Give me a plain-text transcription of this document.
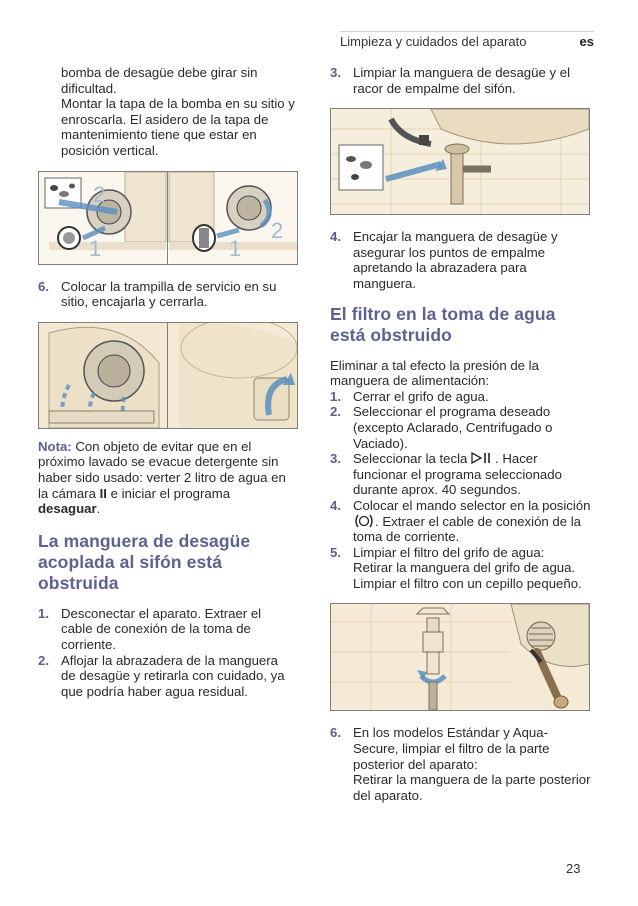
Limpieza y cuidados del aparato	es

bomba de desagüe debe girar sin dificultad.

Montar la tapa de la bomba en su sitio y enroscarla. El asidero de la tapa de mantenimiento tiene que estar en posición vertical.

1
2
1
2
6. Colocar la trampilla de servicio en su sitio, encajarla y cerrarla.

Nota: Con objeto de evitar que en el próximo lavado se evacue detergente sin haber sido usado: verter 2 litro de agua en la cámara II e iniciar el programa desaguar.

La manguera de desagüe acoplada al sifón está obstruida
1. Desconectar el aparato. Extraer el cable de conexión de la toma de corriente.
2. Aflojar la abrazadera de la manguera de desagüe y retirarla con cuidado, ya que podría haber agua residual.
3. Limpiar la manguera de desagüe y el racor de empalme del sifón.
4. Encajar la manguera de desagüe y asegurar los puntos de empalme apretando la abrazadera para manguera.
El filtro en la toma de agua está obstruido

Eliminar a tal efecto la presión de la manguera de alimentación:

1. Cerrar el grifo de agua.
2. Seleccionar el programa deseado (excepto Aclarado, Centrifugado o Vaciado).
3. Seleccionar la tecla . Hacer funcionar el programa seleccionado durante aprox. 40 segundos.
4. Colocar el mando selector en la posición . Extraer el cable de conexión de la toma de corriente.
5. Limpiar el filtro del grifo de agua:
Retirar la manguera del grifo de agua.
Limpiar el filtro con un cepillo pequeño.
6. En los modelos Estándar y Aqua-Secure, limpiar el filtro de la parte posterior del aparato:
Retirar la manguera de la parte posterior del aparato.
23
